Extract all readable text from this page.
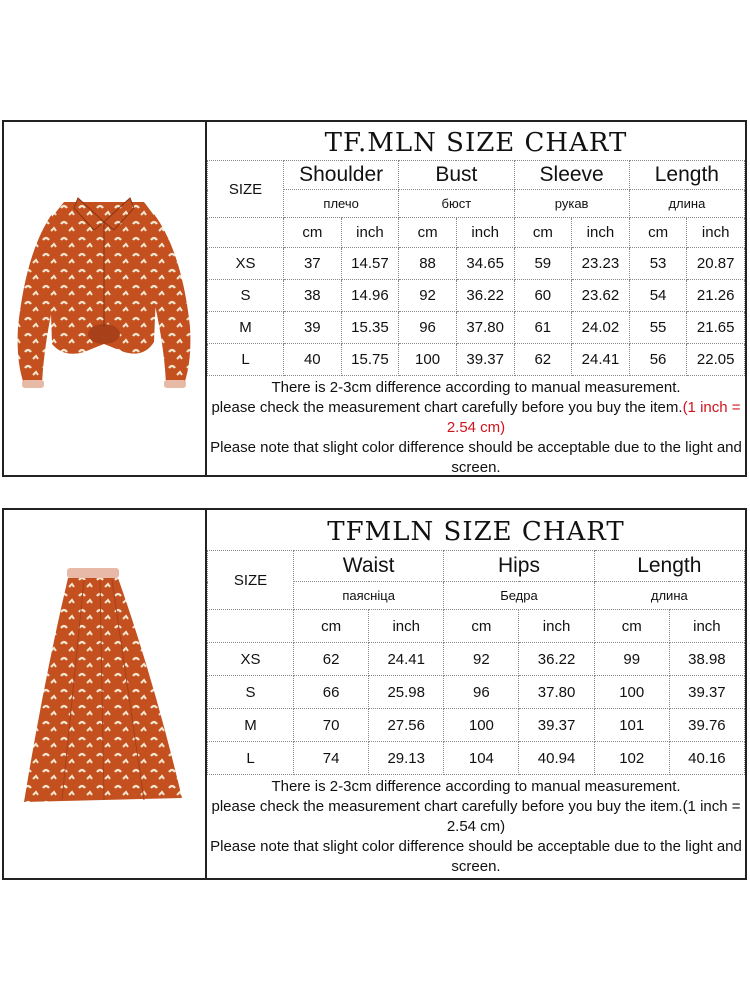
TF.MLN SIZE CHART
SIZE	Shoulder		Bust		Sleeve		Length	
	плечо		бюст		рукав		длина	
	cm	inch	cm	inch	cm	inch	cm	inch
XS	37	14.57	88	34.65	59	23.23	53	20.87
S	38	14.96	92	36.22	60	23.62	54	21.26
M	39	15.35	96	37.80	61	24.02	55	21.65
L	40	15.75	100	39.37	62	24.41	56	22.05
There is 2-3cm difference according to manual measurement.
please check the measurement chart carefully before you buy the item.(1 inch = 2.54 cm)
Please note that slight color difference should be acceptable due to the light and screen.
TFMLN SIZE CHART
SIZE	Waist		Hips		Length	
	паясніца		Бедра		длина	
	cm	inch	cm	inch	cm	inch
XS	62	24.41	92	36.22	99	38.98
S	66	25.98	96	37.80	100	39.37
M	70	27.56	100	39.37	101	39.76
L	74	29.13	104	40.94	102	40.16
There is 2-3cm difference according to manual measurement.
please check the measurement chart carefully before you buy the item.(1 inch = 2.54 cm)
Please note that slight color difference should be acceptable due to the light and screen.
